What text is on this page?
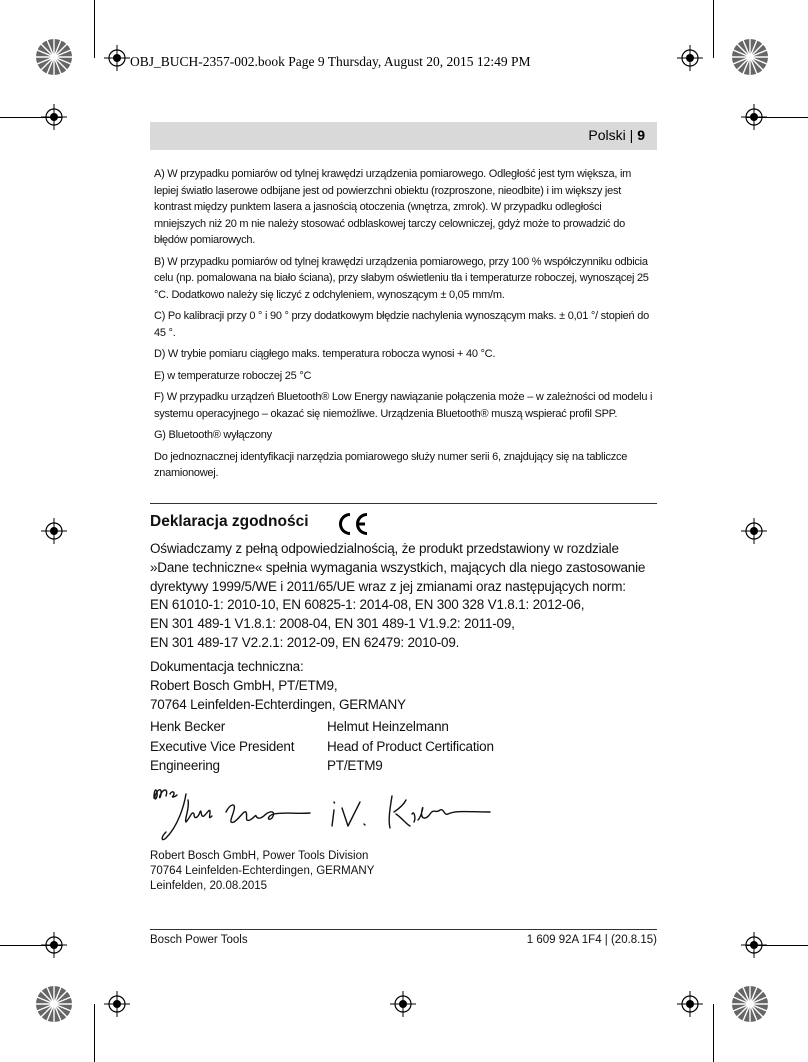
OBJ_BUCH-2357-002.book Page 9 Thursday, August 20, 2015 12:49 PM
Polski | 9
A) W przypadku pomiarów od tylnej krawędzi urządzenia pomiarowego. Odległość jest tym większa, im lepiej światło laserowe odbijane jest od powierzchni obiektu (rozproszone, nieodbite) i im większy jest kontrast między punktem lasera a jasnością otoczenia (wnętrza, zmrok). W przypadku odległości mniejszych niż 20 m nie należy stosować odblaskowej tarczy celowniczej, gdyż może to prowadzić do błędów pomiarowych.
B) W przypadku pomiarów od tylnej krawędzi urządzenia pomiarowego, przy 100 % współczynniku odbicia celu (np. pomalowana na biało ściana), przy słabym oświetleniu tła i temperaturze roboczej, wynoszącej 25 °C. Dodatkowo należy się liczyć z odchyleniem, wynoszącym ± 0,05 mm/m.
C) Po kalibracji przy 0 ° i 90 ° przy dodatkowym błędzie nachylenia wynoszącym maks. ± 0,01 °/ stopień do 45 °.
D) W trybie pomiaru ciągłego maks. temperatura robocza wynosi + 40 °C.
E) w temperaturze roboczej 25 °C
F) W przypadku urządzeń Bluetooth® Low Energy nawiązanie połączenia może – w zależności od modelu i systemu operacyjnego – okazać się niemożliwe. Urządzenia Bluetooth® muszą wspierać profil SPP.
G) Bluetooth® wyłączony
Do jednoznacznej identyfikacji narzędzia pomiarowego służy numer serii 6, znajdujący się na tabliczce znamionowej.
Deklaracja zgodności
Oświadczamy z pełną odpowiedzialnością, że produkt przedstawiony w rozdziale
»Dane techniczne« spełnia wymagania wszystkich, mających dla niego zastosowanie
dyrektywy 1999/5/WE i 2011/65/UE wraz z jej zmianami oraz następujących norm:
EN 61010-1: 2010-10, EN 60825-1: 2014-08, EN 300 328 V1.8.1: 2012-06,
EN 301 489-1 V1.8.1: 2008-04, EN 301 489-1 V1.9.2: 2011-09,
EN 301 489-17 V2.2.1: 2012-09, EN 62479: 2010-09.
Dokumentacja techniczna:
Robert Bosch GmbH, PT/ETM9,
70764 Leinfelden-Echterdingen, GERMANY
Henk Becker
Executive Vice President
Engineering
Helmut Heinzelmann
Head of Product Certification
PT/ETM9
Robert Bosch GmbH, Power Tools Division
70764 Leinfelden-Echterdingen, GERMANY
Leinfelden, 20.08.2015
Bosch Power Tools	1 609 92A 1F4 | (20.8.15)
